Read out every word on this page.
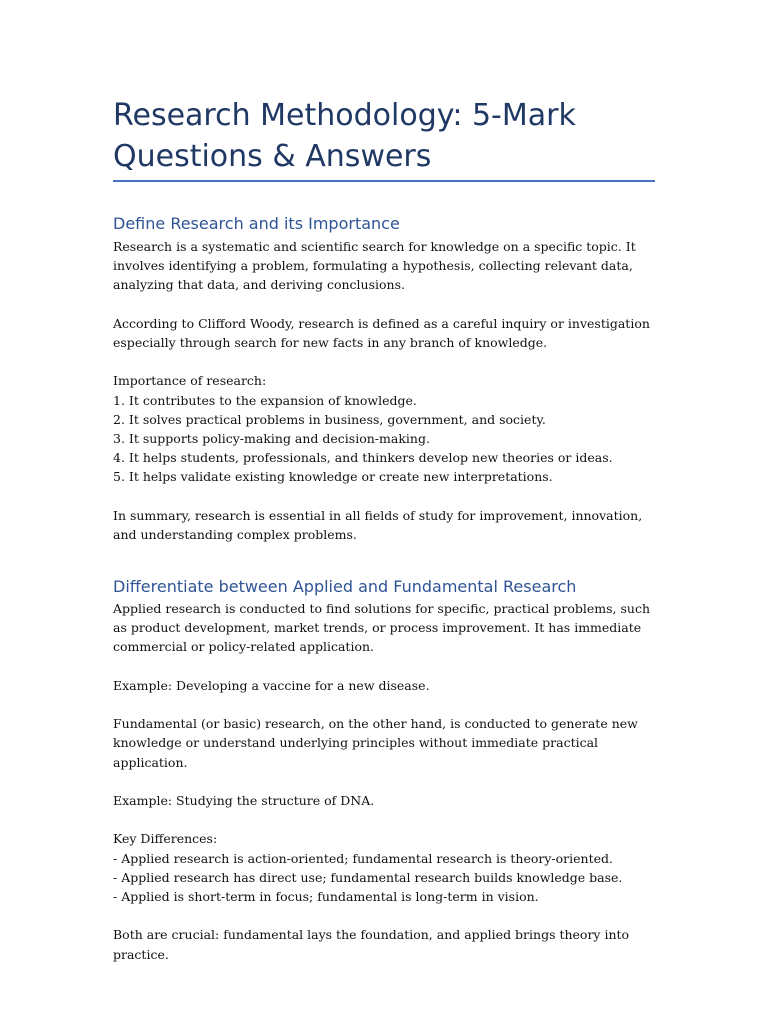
Research Methodology: 5-Mark Questions & Answers
Define Research and its Importance

Research is a systematic and scientific search for knowledge on a specific topic. It involves identifying a problem, formulating a hypothesis, collecting relevant data, analyzing that data, and deriving conclusions.

According to Clifford Woody, research is defined as a careful inquiry or investigation especially through search for new facts in any branch of knowledge.

Importance of research:
1. It contributes to the expansion of knowledge.
2. It solves practical problems in business, government, and society.
3. It supports policy-making and decision-making.
4. It helps students, professionals, and thinkers develop new theories or ideas.
5. It helps validate existing knowledge or create new interpretations.

In summary, research is essential in all fields of study for improvement, innovation, and understanding complex problems.

Differentiate between Applied and Fundamental Research

Applied research is conducted to find solutions for specific, practical problems, such as product development, market trends, or process improvement. It has immediate commercial or policy-related application.

Example: Developing a vaccine for a new disease.

Fundamental (or basic) research, on the other hand, is conducted to generate new knowledge or understand underlying principles without immediate practical application.

Example: Studying the structure of DNA.

Key Differences:
- Applied research is action-oriented; fundamental research is theory-oriented.
- Applied research has direct use; fundamental research builds knowledge base.
- Applied is short-term in focus; fundamental is long-term in vision.

Both are crucial: fundamental lays the foundation, and applied brings theory into practice.
